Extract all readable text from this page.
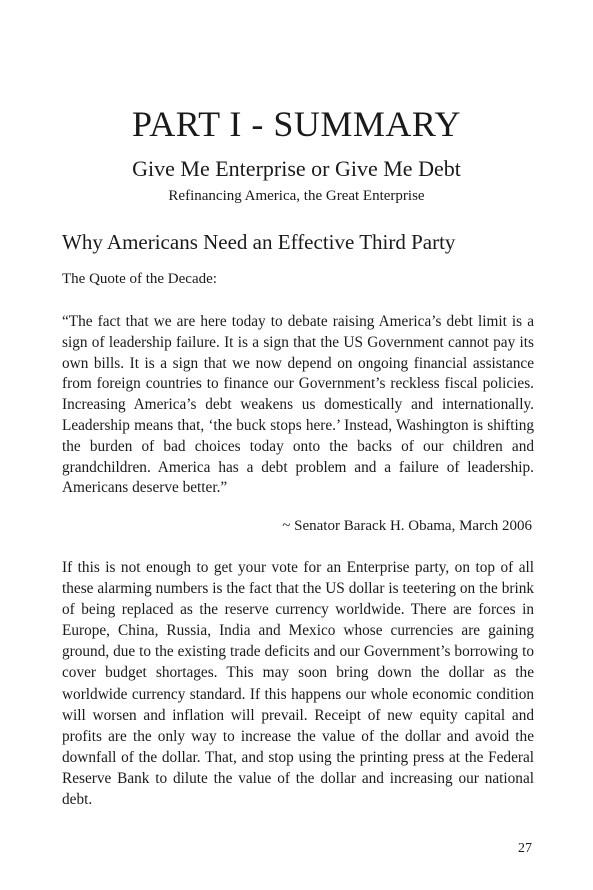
PART I - SUMMARY
Give Me Enterprise or Give Me Debt

Refinancing America, the Great Enterprise

Why Americans Need an Effective Third Party

The Quote of the Decade:

“The fact that we are here today to debate raising America’s debt limit is a sign of leadership failure. It is a sign that the US Government cannot pay its own bills. It is a sign that we now depend on ongoing financial assistance from foreign countries to finance our Government’s reckless fiscal policies. Increasing America’s debt weakens us domestically and internationally. Leadership means that, ‘the buck stops here.’ Instead, Washington is shifting the burden of bad choices today onto the backs of our children and grandchildren. America has a debt problem and a failure of leadership. Americans deserve better.”

~ Senator Barack H. Obama, March 2006

If this is not enough to get your vote for an Enterprise party, on top of all these alarming numbers is the fact that the US dollar is teetering on the brink of being replaced as the reserve currency worldwide. There are forces in Europe, China, Russia, India and Mexico whose currencies are gaining ground, due to the existing trade deficits and our Government’s borrowing to cover budget shortages. This may soon bring down the dollar as the worldwide currency standard. If this happens our whole economic condition will worsen and inflation will prevail. Receipt of new equity capital and profits are the only way to increase the value of the dollar and avoid the downfall of the dollar. That, and stop using the printing press at the Federal Reserve Bank to dilute the value of the dollar and increasing our national debt.

27
